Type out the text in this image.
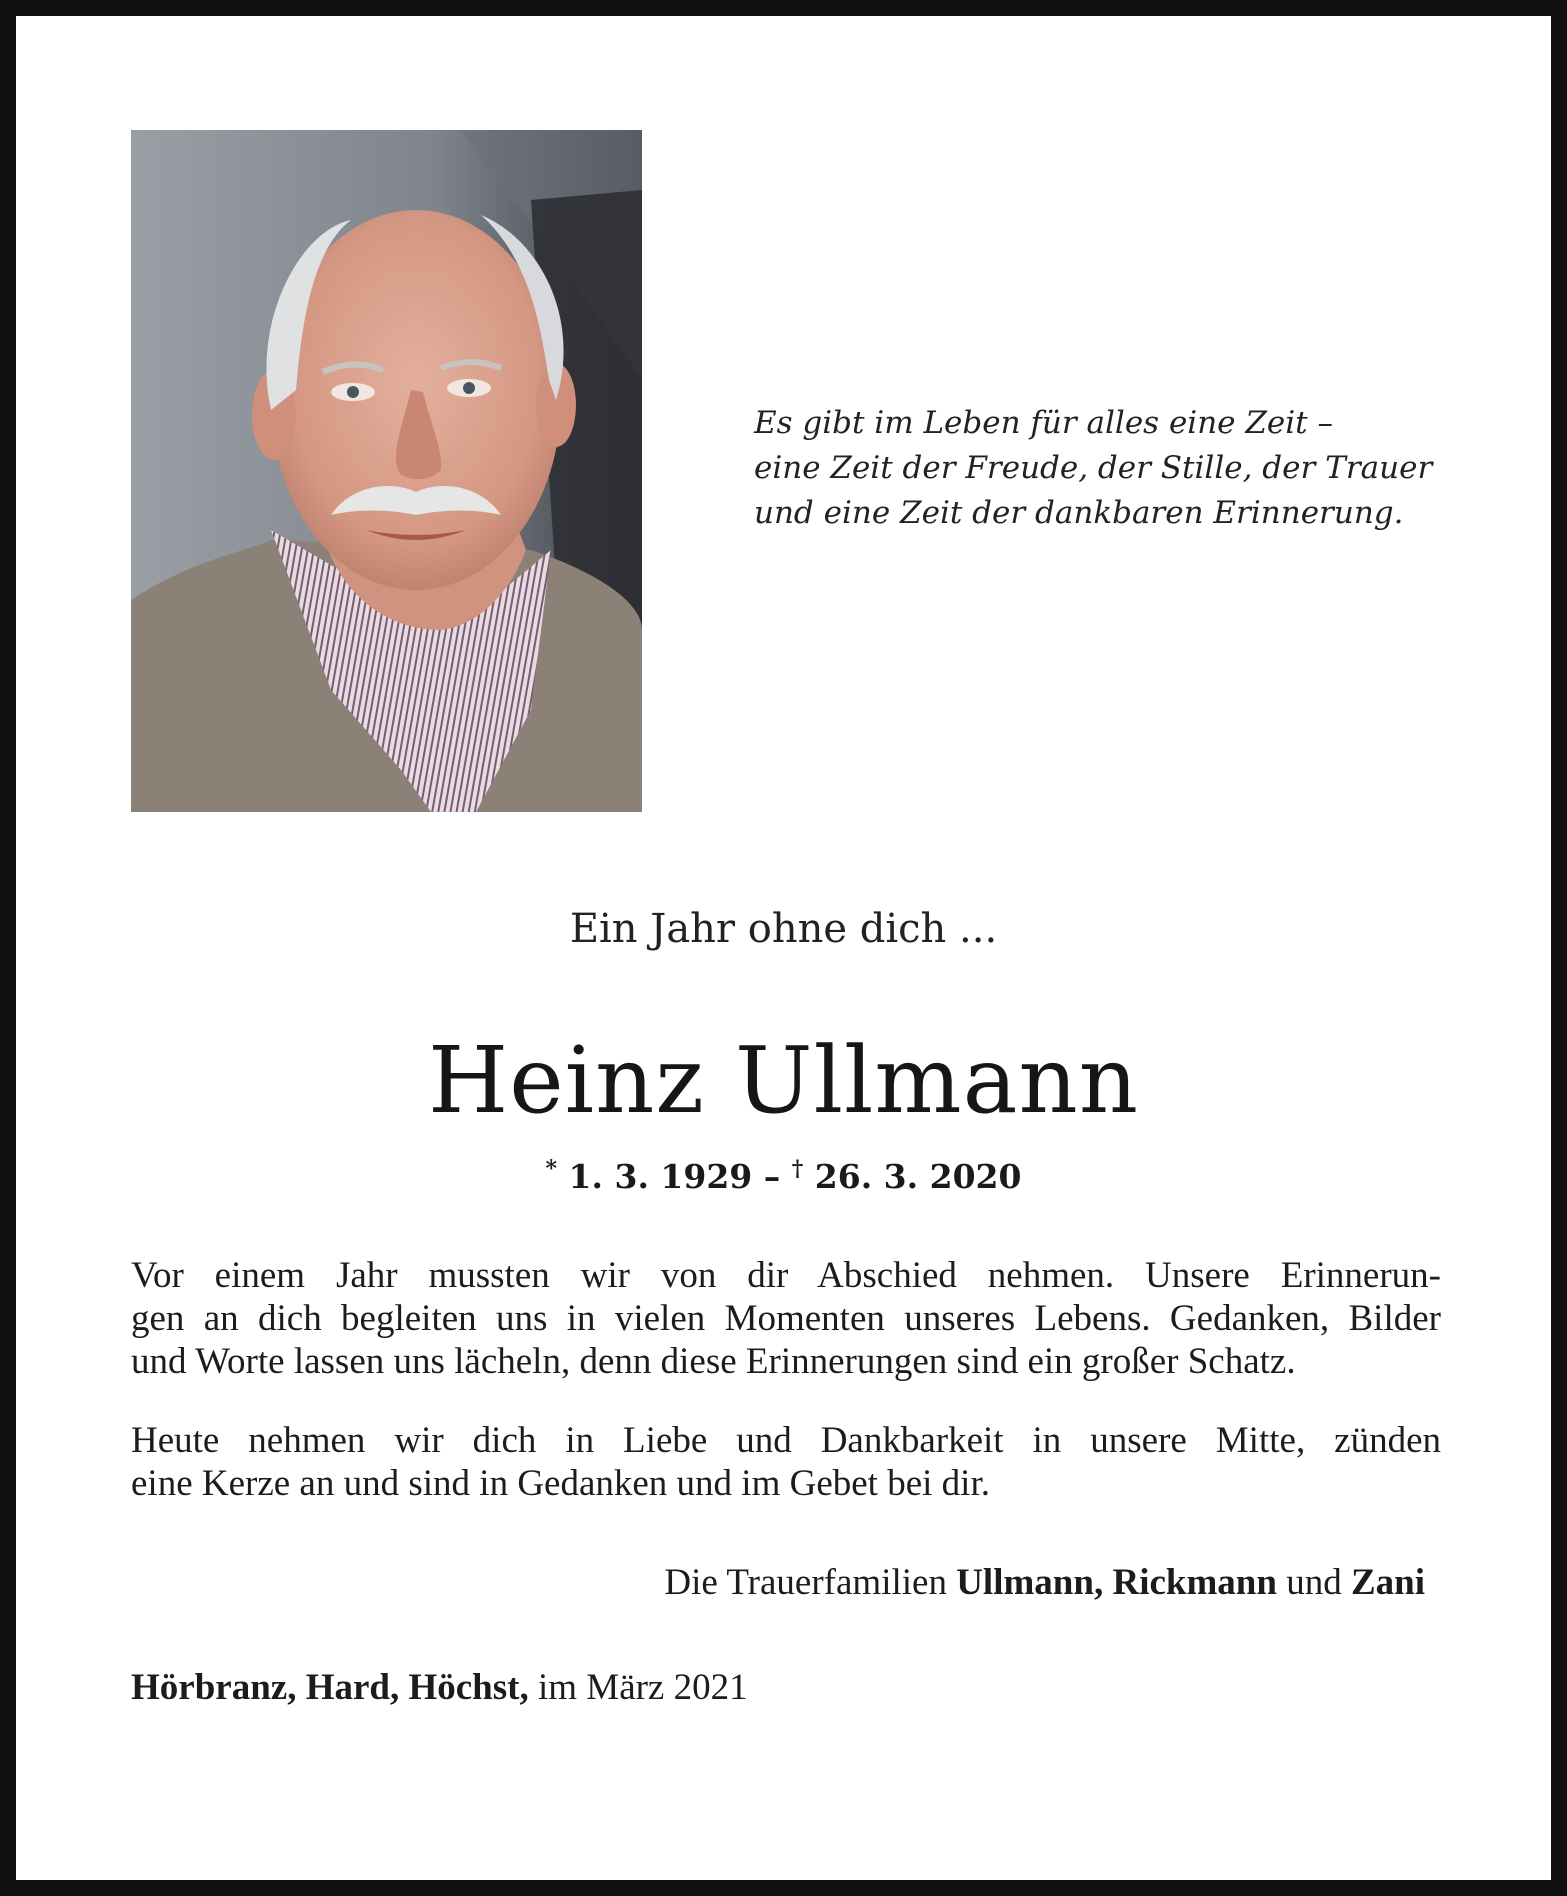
Es gibt im Leben für alles eine Zeit –
eine Zeit der Freude, der Stille, der Trauer
und eine Zeit der dankbaren Erinnerung.
Ein Jahr ohne dich ...
Heinz Ullmann
* 1. 3. 1929 – † 26. 3. 2020
Vor einem Jahr mussten wir von dir Abschied nehmen. Unsere Erinnerun-
gen an dich begleiten uns in vielen Momenten unseres Lebens. Gedanken, Bilder
und Worte lassen uns lächeln, denn diese Erinnerungen sind ein großer Schatz.
Heute nehmen wir dich in Liebe und Dankbarkeit in unsere Mitte, zünden
eine Kerze an und sind in Gedanken und im Gebet bei dir.
Die Trauerfamilien Ullmann, Rickmann und Zani
Hörbranz, Hard, Höchst, im März 2021
